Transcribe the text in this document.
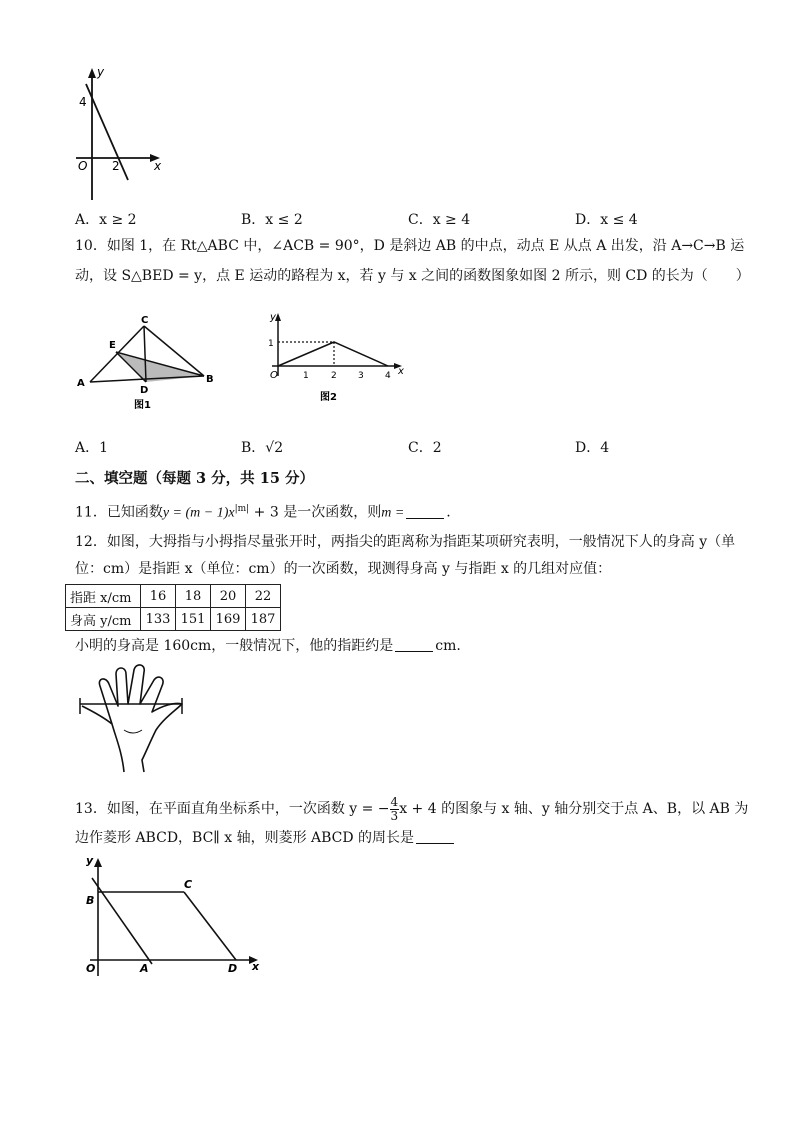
y
4
O 2	x
A．x ≥ 2	B．x ≤ 2	C．x ≥ 4	D．x ≤ 4
10．如图 1，在 Rt△ABC 中，∠ACB = 90°，D 是斜边 AB 的中点，动点 E 从点 A 出发，沿 A→C→B 运
动，设 S△BED = y，点 E 运动的路程为 x，若 y 与 x 之间的函数图象如图 2 所示，则 CD 的长为（　　）
C
E
A
D
B
图1
y
1
O	1 2 3 4 x
图2
A．1	B．√2	C．2	D．4
二、填空题（每题 3 分，共 15 分）
11．已知函数$y = (m - 1)x^{|m|} + 3$ 是一次函数，则m =	.
12．如图，大拇指与小拇指尽量张开时，两指尖的距离称为指距某项研究表明，一般情况下人的身高 y（单
位：cm）是指距 x（单位：cm）的一次函数，现测得身高 y 与指距 x 的几组对应值：
指距 x/cm	16	18	20	22
身高 y/cm	133	151	169	187
小明的身高是 160cm，一般情况下，他的指距约是	cm.
13．如图，在平面直角坐标系中，一次函数 y = − $\frac{4}{3}$ x + 4 的图象与 x 轴、y 轴分别交于点 A、B，以 AB 为
边作菱形 ABCD，BC∥ x 轴，则菱形 ABCD 的周长是
y
B
C
O	A	D x
